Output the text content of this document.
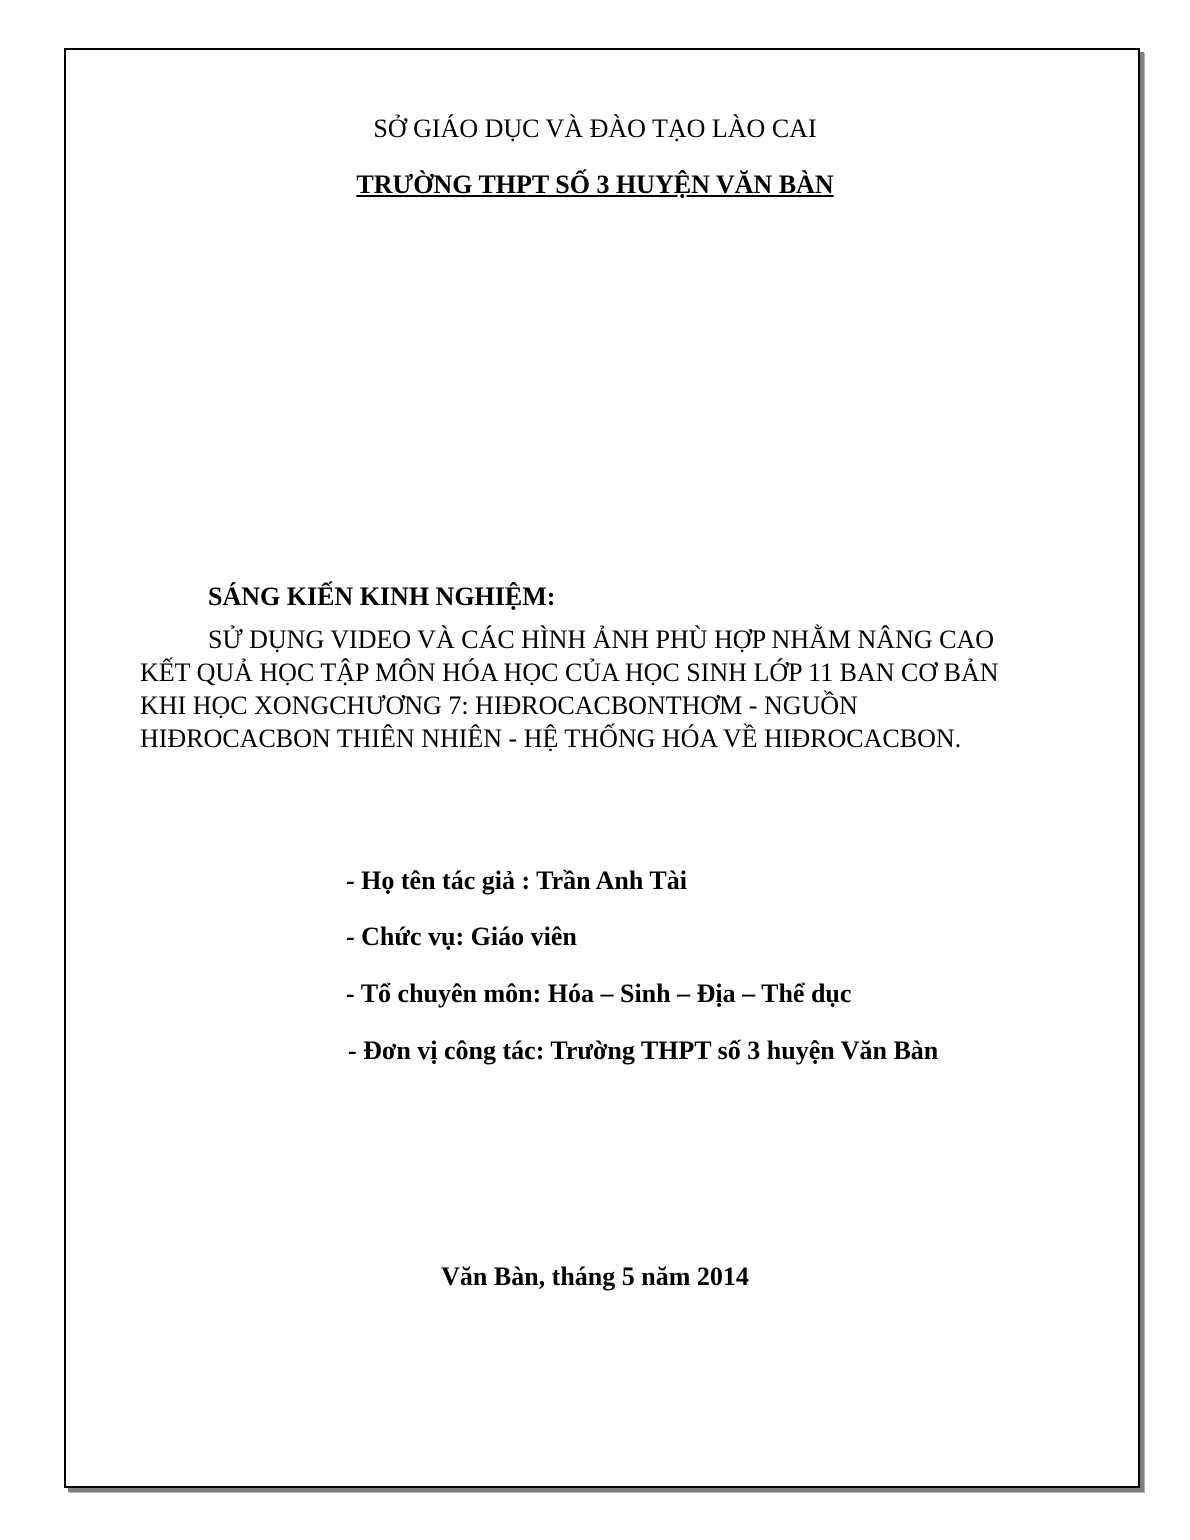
SỞ GIÁO DỤC VÀ ĐÀO TẠO LÀO CAI
TRƯỜNG THPT SỐ 3 HUYỆN VĂN BÀN
SÁNG KIẾN KINH NGHIỆM:
SỬ DỤNG VIDEO VÀ CÁC HÌNH ẢNH PHÙ HỢP NHẰM NÂNG CAO
KẾT QUẢ HỌC TẬP MÔN HÓA HỌC CỦA HỌC SINH LỚP 11 BAN CƠ BẢN
KHI HỌC XONGCHƯƠNG 7: HIĐROCACBONTHƠM - NGUỒN
HIĐROCACBON THIÊN NHIÊN - HỆ THỐNG HÓA VỀ HIĐROCACBON.
- Họ tên tác giả : Trần Anh Tài
- Chức vụ: Giáo viên
- Tổ chuyên môn: Hóa – Sinh – Địa – Thể dục
- Đơn vị công tác: Trường THPT số 3 huyện Văn Bàn
Văn Bàn, tháng 5 năm 2014
